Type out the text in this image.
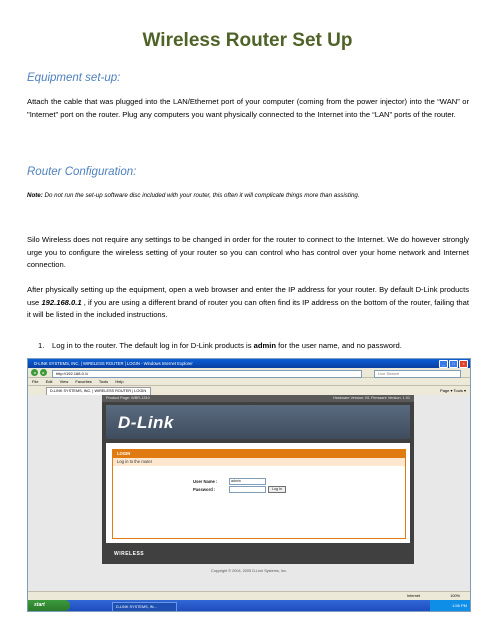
Wireless Router Set Up
Equipment set-up:
Attach the cable that was plugged into the LAN/Ethernet port of your computer (coming from the power injector) into the “WAN” or "Internet" port on the router. Plug any computers you want physically connected to the Internet into the “LAN” ports of the router.
Router Configuration:
Note: Do not run the set-up software disc included with your router, this often it will complicate things more than assisting.
Silo Wireless does not require any settings to be changed in order for the router to connect to the Internet. We do however strongly urge you to configure the wireless setting of your router so you can control who has control over your home network and Internet connection.
After physically setting up the equipment, open a web browser and enter the IP address for your router. By default D-Link products use 192.168.0.1 , if you are using a different brand of router you can often find its IP address on the bottom of the router, failing that it will be listed in the included instructions.
1. Log in to the router. The default log in for D-Link products is admin for the user name, and no password.
D-LINK SYSTEMS, INC. | WIRELESS ROUTER | LOGIN - Windows Internet Explorer	_	□	×
◂	▸	http://192.168.0.1/	Live Search
File Edit View Favorites Tools Help
D-LINK SYSTEMS, INC. | WIRELESS ROUTER | LOGIN	Page ▾ Tools ▾
Product Page: WBR-1310	Hardware Version: B1 Firmware Version: 1.01
D-Link
LOGIN
Log in to the router
User Name :	admin
Password :	Log In
WIRELESS
Copyright © 2004, 2005 D-Link Systems, Inc.
Internet	100%
start	D-LINK SYSTEMS, IN...	1:56 PM
